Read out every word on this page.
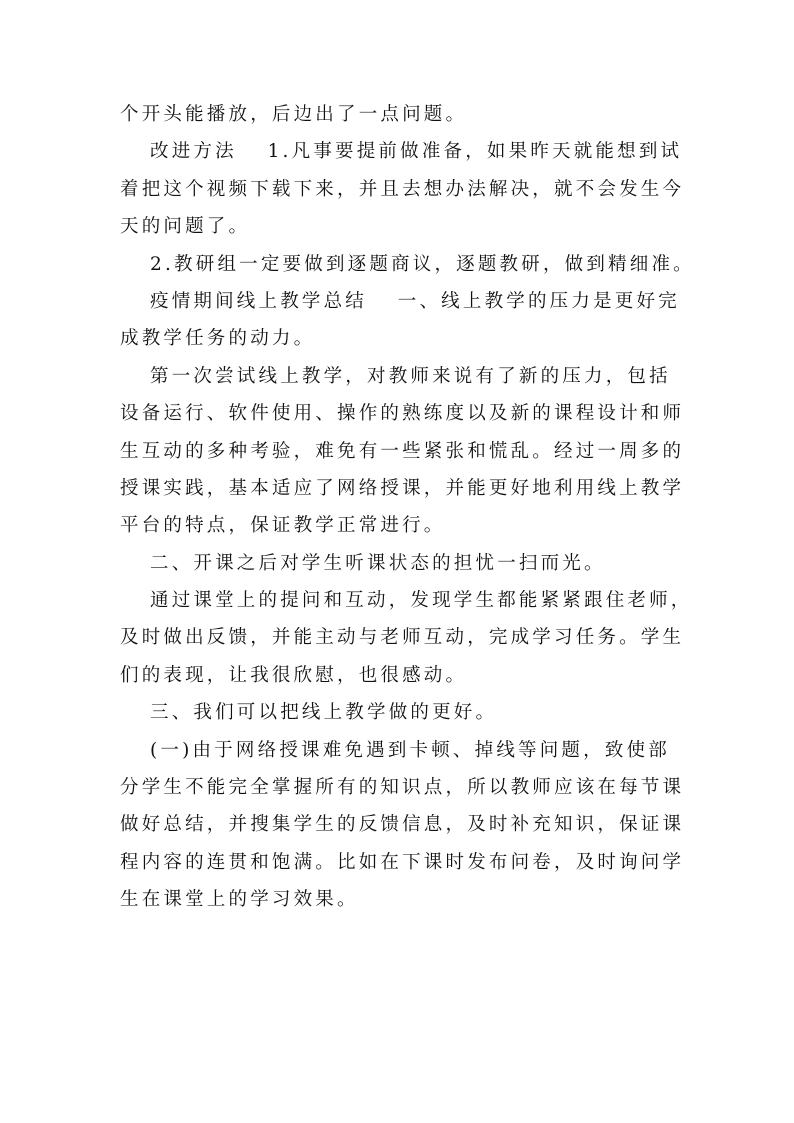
个开头能播放，后边出了一点问题。
改进方法　 1.凡事要提前做准备，如果昨天就能想到试
着把这个视频下载下来，并且去想办法解决，就不会发生今
天的问题了。
2.教研组一定要做到逐题商议，逐题教研，做到精细准。
疫情期间线上教学总结　 一、线上教学的压力是更好完
成教学任务的动力。
第一次尝试线上教学，对教师来说有了新的压力，包括
设备运行、软件使用、操作的熟练度以及新的课程设计和师
生互动的多种考验，难免有一些紧张和慌乱。经过一周多的
授课实践，基本适应了网络授课，并能更好地利用线上教学
平台的特点，保证教学正常进行。
二、开课之后对学生听课状态的担忧一扫而光。
通过课堂上的提问和互动，发现学生都能紧紧跟住老师，
及时做出反馈，并能主动与老师互动，完成学习任务。学生
们的表现，让我很欣慰，也很感动。
三、我们可以把线上教学做的更好。
(一)由于网络授课难免遇到卡顿、掉线等问题，致使部
分学生不能完全掌握所有的知识点，所以教师应该在每节课
做好总结，并搜集学生的反馈信息，及时补充知识，保证课
程内容的连贯和饱满。比如在下课时发布问卷，及时询问学
生在课堂上的学习效果。
